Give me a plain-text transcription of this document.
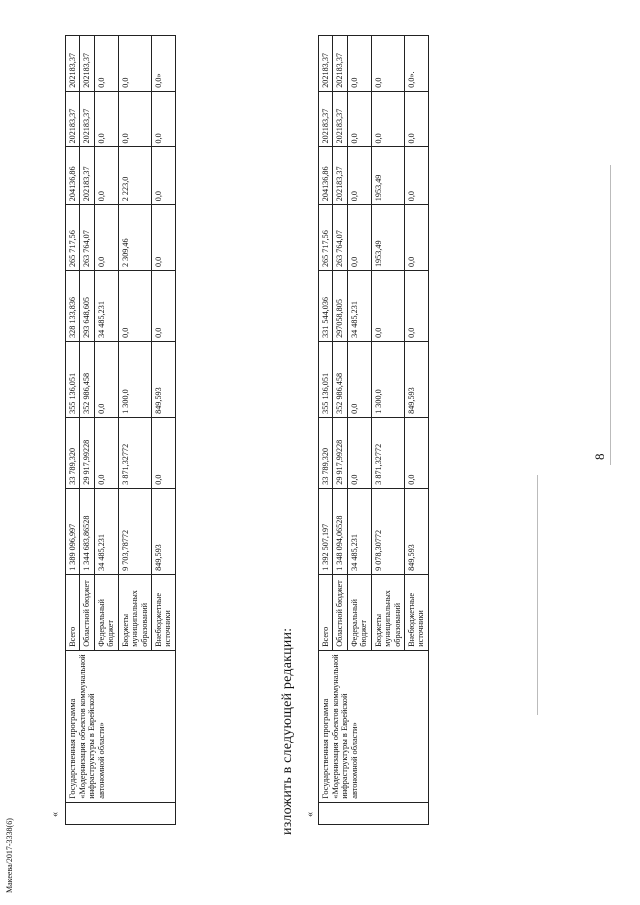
8
«
	Государственная программа «Модернизация объектов коммунальной инфраструктуры в Еврейской автономной области»	Всего	1 389 096,997	33 789,320	355 136,051	328 133,836	265 717,56	204136,86	202183,37	202183,37
		Областной бюджет	1 344 683,86528	29 917,99228	352 986,458	293 648,605	263 764,07	202183,37	202183,37	202183,37
		Федеральный бюджет	34 485,231	0,0	0,0	34 485,231	0,0	0,0	0,0	0,0
		Бюджеты муниципальных образований	9 703,78772	3 871,32772	1 300,0	0,0	2 309,46	2 223,0	0,0	0,0
		Внебюджетные источники	849,593	0,0	849,593	0,0	0,0	0,0	0,0	0,0»
изложить в следующей редакции: «
	Государственная программа «Модернизация объектов коммунальной инфраструктуры в Еврейской автономной области»	Всего	1 392 507,197	33 789,320	355 136,051	331 544,036	265 717,56	204136,86	202183,37	202183,37
		Областной бюджет	1 348 094,06528	29 917,99228	352 986,458	297058,805	263 764,07	202183,37	202183,37	202183,37
		Федеральный бюджет	34 485,231	0,0	0,0	34 485,231	0,0	0,0	0,0	0,0
		Бюджеты муниципальных образований	9 078,30772	3 871,32772	1 300,0	0,0	1953,49	1953,49	0,0	0,0
		Внебюджетные источники	849,593	0,0	849,593	0,0	0,0	0,0	0,0	0,0».
Макеева/2017-3338(6)
